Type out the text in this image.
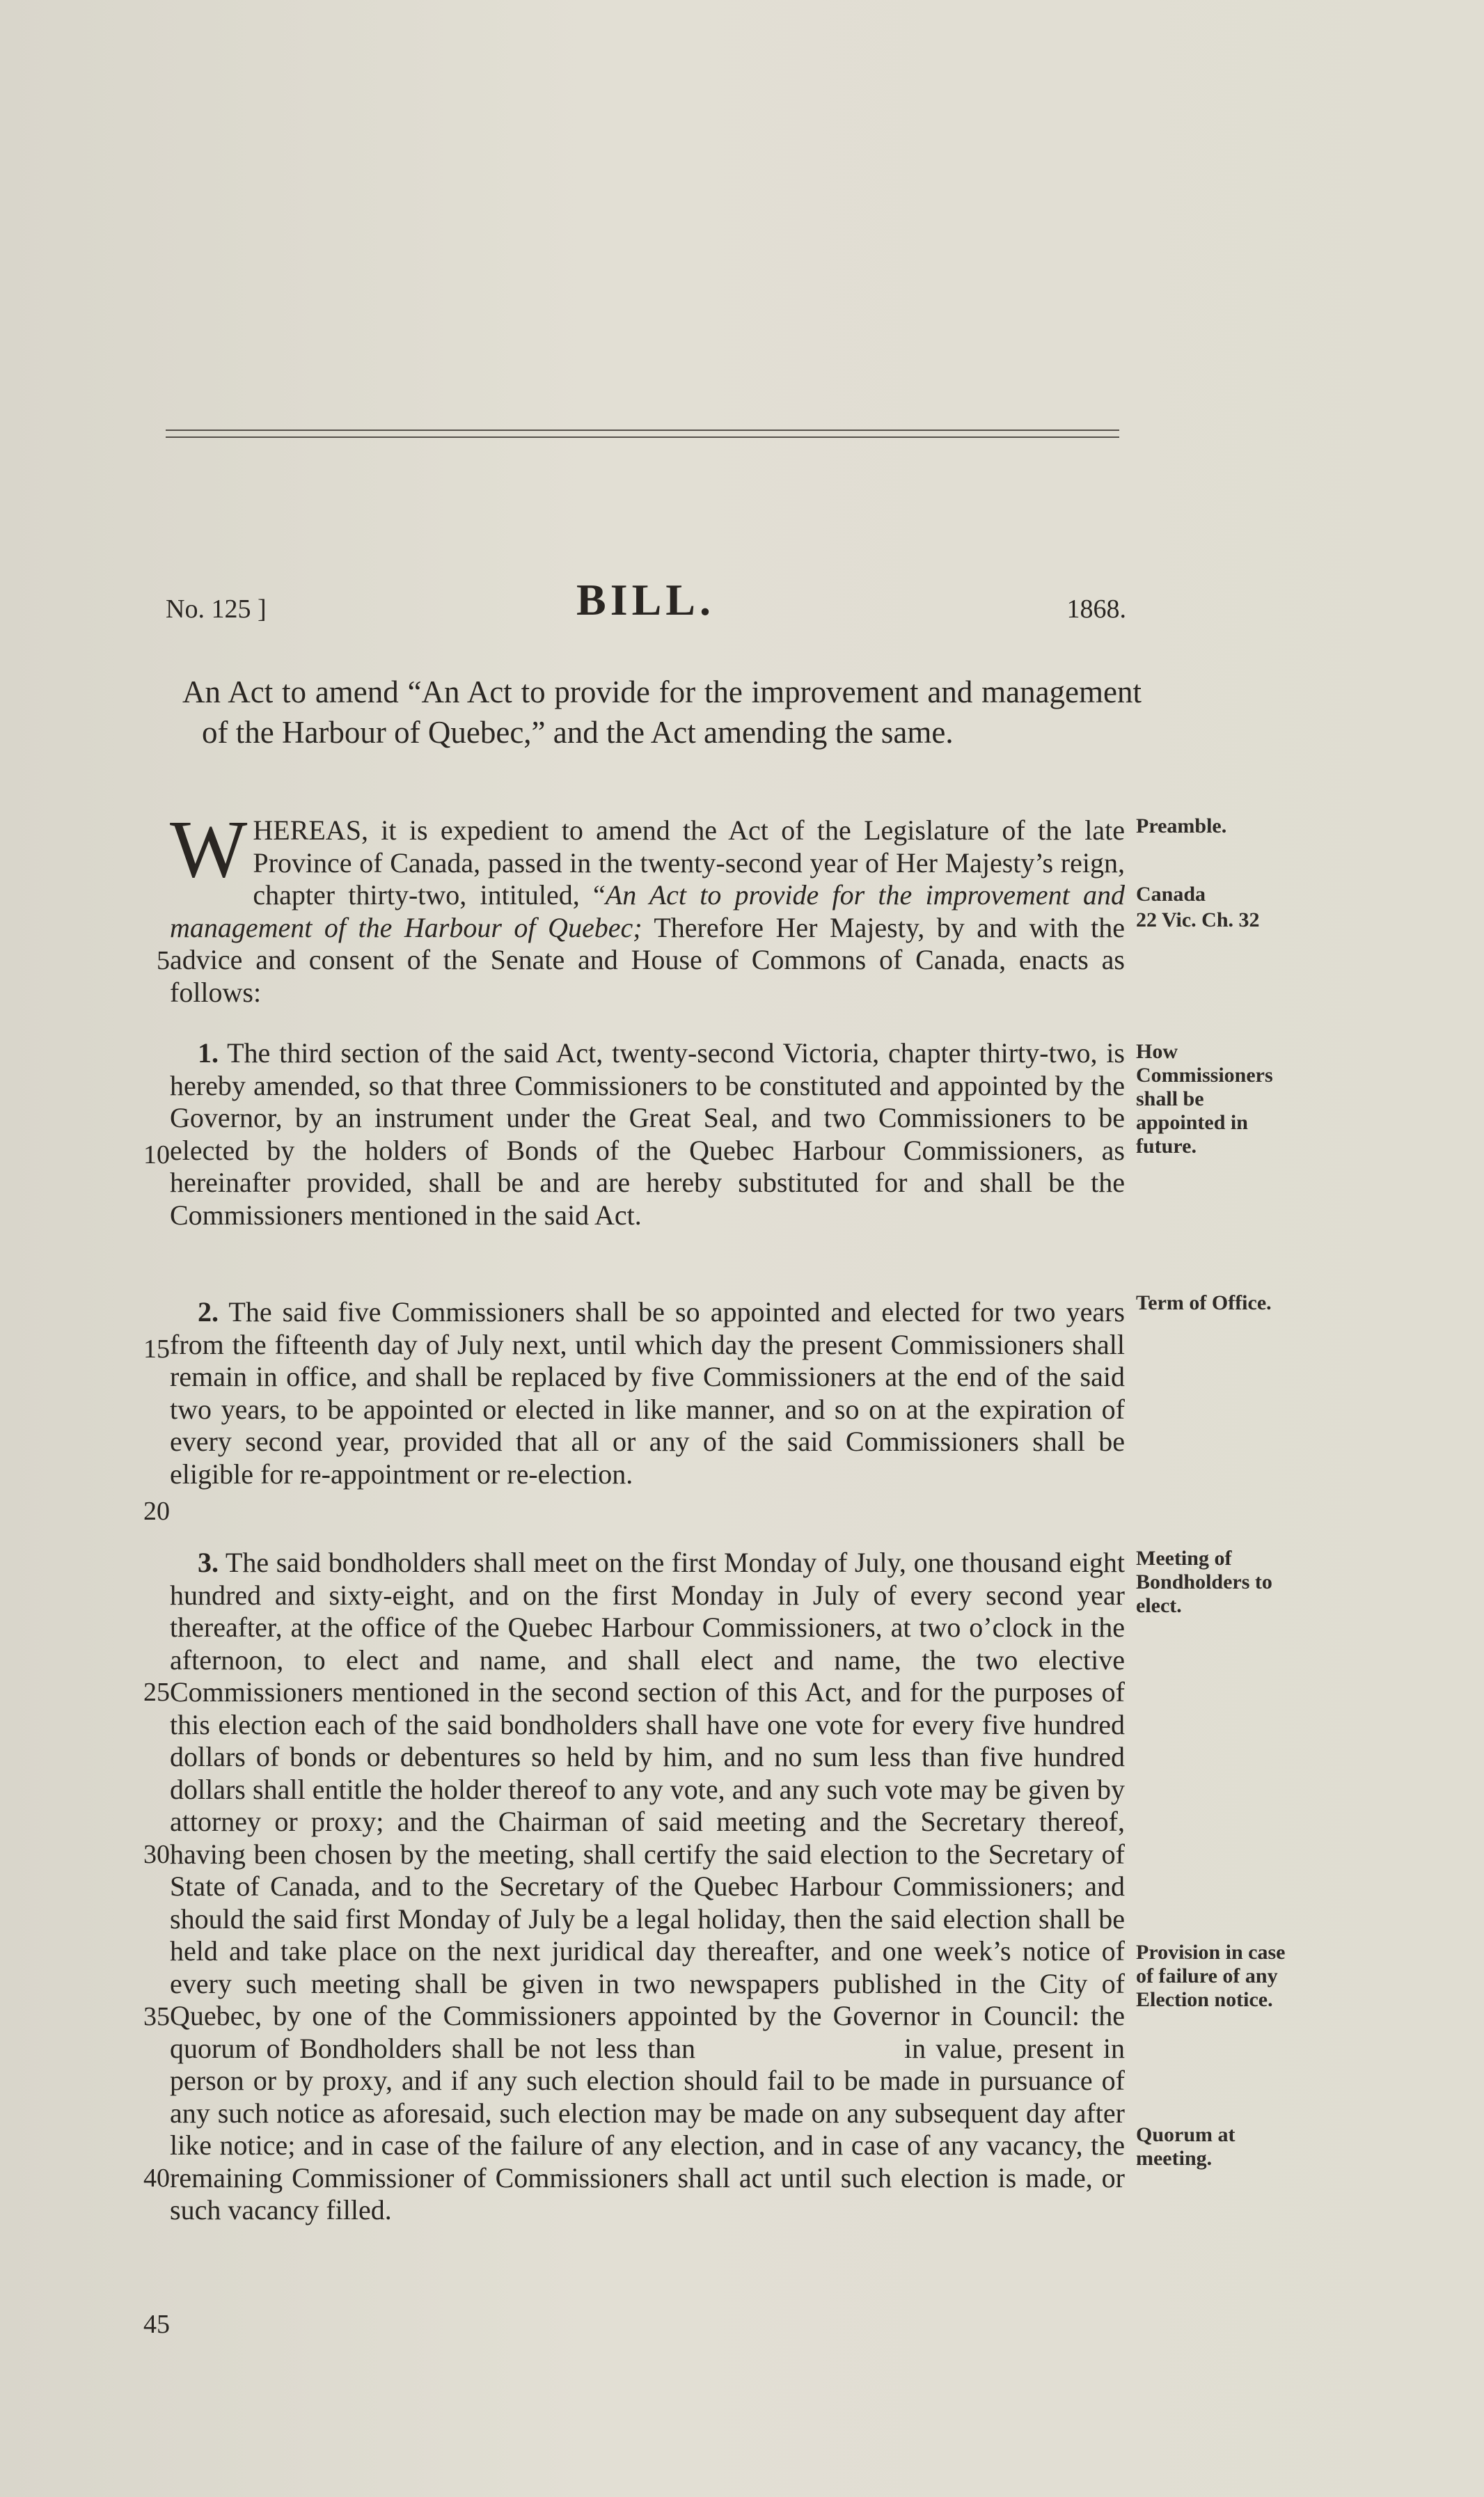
No. 125 ]	BILL.	1868.
An Act to amend “An Act to provide for the improvement and management of the Harbour of Quebec,” and the Act amending the same.

WHEREAS, it is expedient to amend the Act of the Legislature of the late Province of Canada, passed in the twenty-second year of Her Majesty’s reign, chapter thirty-two, intituled, “An Act to provide for the improvement and management of the Harbour of Quebec; Therefore Her Majesty, by and with the advice and consent of the Senate and House of Commons of Canada, enacts as follows:

1. The third section of the said Act, twenty-second Victoria, chapter thirty-two, is hereby amended, so that three Commissioners to be constituted and appointed by the Governor, by an instrument under the Great Seal, and two Commissioners to be elected by the holders of Bonds of the Quebec Harbour Commissioners, as hereinafter provided, shall be and are hereby substituted for and shall be the Commissioners mentioned in the said Act.

2. The said five Commissioners shall be so appointed and elected for two years from the fifteenth day of July next, until which day the present Commissioners shall remain in office, and shall be replaced by five Commissioners at the end of the said two years, to be appointed or elected in like manner, and so on at the expiration of every second year, provided that all or any of the said Commissioners shall be eligible for re-appointment or re-election.

3. The said bondholders shall meet on the first Monday of July, one thousand eight hundred and sixty-eight, and on the first Monday in July of every second year thereafter, at the office of the Quebec Harbour Commissioners, at two o’clock in the afternoon, to elect and name, and shall elect and name, the two elective Commissioners mentioned in the second section of this Act, and for the purposes of this election each of the said bondholders shall have one vote for every five hundred dollars of bonds or debentures so held by him, and no sum less than five hundred dollars shall entitle the holder thereof to any vote, and any such vote may be given by attorney or proxy; and the Chairman of said meeting and the Secretary thereof, having been chosen by the meeting, shall certify the said election to the Secretary of State of Canada, and to the Secretary of the Quebec Harbour Commissioners; and should the said first Monday of July be a legal holiday, then the said election shall be held and take place on the next juridical day thereafter, and one week’s notice of every such meeting shall be given in two newspapers published in the City of Quebec, by one of the Commissioners appointed by the Governor in Council: the quorum of Bondholders shall be not less than	in value, present in person or by proxy, and if any such election should fail to be made in pursuance of any such notice as aforesaid, such election may be made on any subsequent day after like notice; and in case of the failure of any election, and in case of any vacancy, the remaining Commissioner of Commissioners shall act until such election is made, or such vacancy filled.

5
10
15
20
25
30
35
40
45
Preamble.
Canada
22 Vic. Ch. 32
How Commissioners shall be appointed in future.
Term of Office.
Meeting of Bondholders to elect.
Provision in case of failure of any Election notice.
Quorum at meeting.
